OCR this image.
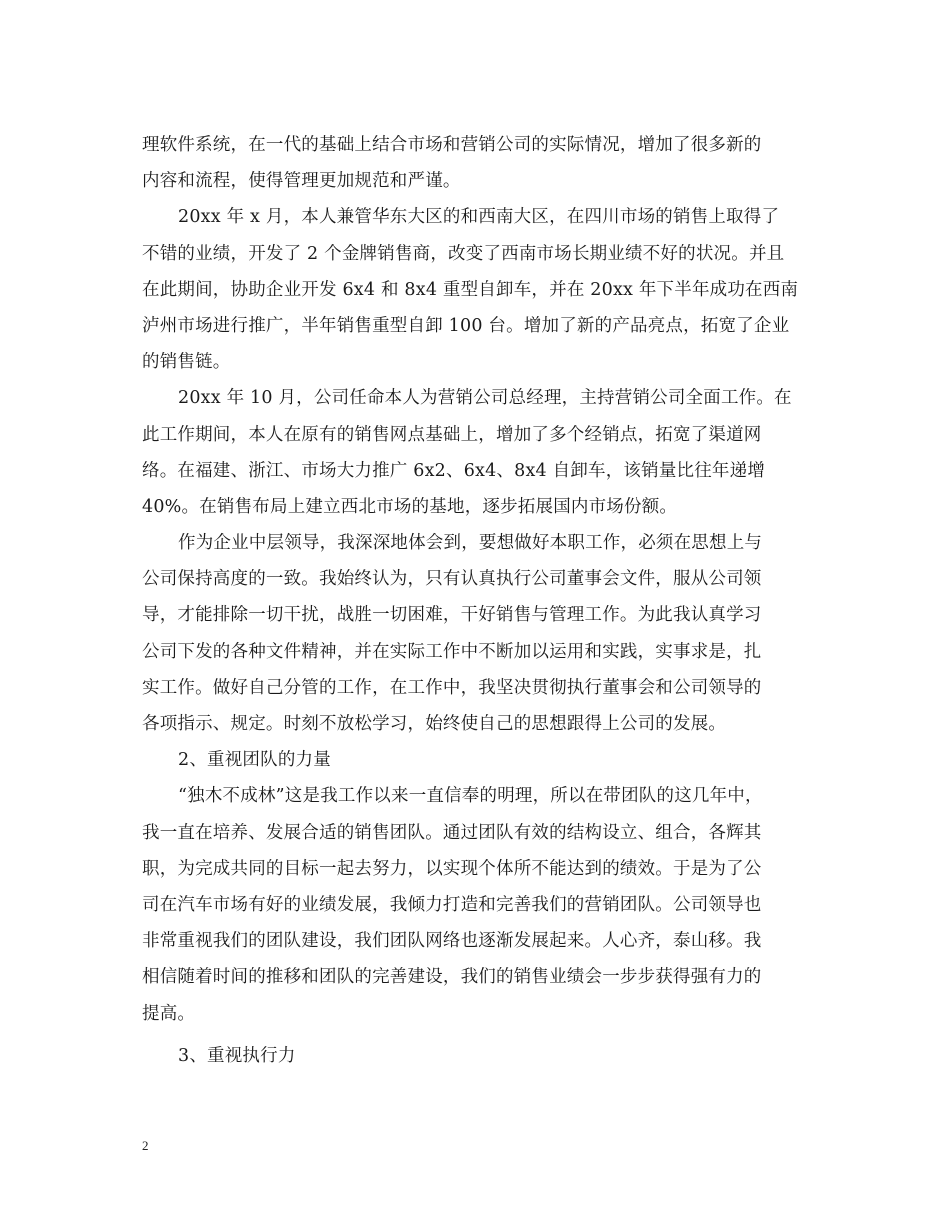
理软件系统，在一代的基础上结合市场和营销公司的实际情况，增加了很多新的
内容和流程，使得管理更加规范和严谨。
20xx 年 x 月，本人兼管华东大区的和西南大区，在四川市场的销售上取得了
不错的业绩，开发了 2 个金牌销售商，改变了西南市场长期业绩不好的状况。并且
在此期间，协助企业开发 6x4 和 8x4 重型自卸车，并在 20xx 年下半年成功在西南
泸州市场进行推广，半年销售重型自卸 100 台。增加了新的产品亮点，拓宽了企业
的销售链。
20xx 年 10 月，公司任命本人为营销公司总经理，主持营销公司全面工作。在
此工作期间，本人在原有的销售网点基础上，增加了多个经销点，拓宽了渠道网
络。在福建、浙江、市场大力推广 6x2、6x4、8x4 自卸车，该销量比往年递增
40%。在销售布局上建立西北市场的基地，逐步拓展国内市场份额。
作为企业中层领导，我深深地体会到，要想做好本职工作，必须在思想上与
公司保持高度的一致。我始终认为，只有认真执行公司董事会文件，服从公司领
导，才能排除一切干扰，战胜一切困难，干好销售与管理工作。为此我认真学习
公司下发的各种文件精神，并在实际工作中不断加以运用和实践，实事求是，扎
实工作。做好自己分管的工作，在工作中，我坚决贯彻执行董事会和公司领导的
各项指示、规定。时刻不放松学习，始终使自己的思想跟得上公司的发展。
2、重视团队的力量
“独木不成林”这是我工作以来一直信奉的明理，所以在带团队的这几年中，
我一直在培养、发展合适的销售团队。通过团队有效的结构设立、组合，各辉其
职，为完成共同的目标一起去努力，以实现个体所不能达到的绩效。于是为了公
司在汽车市场有好的业绩发展，我倾力打造和完善我们的营销团队。公司领导也
非常重视我们的团队建设，我们团队网络也逐渐发展起来。人心齐，泰山移。我
相信随着时间的推移和团队的完善建设，我们的销售业绩会一步步获得强有力的
提高。
3、重视执行力
2
